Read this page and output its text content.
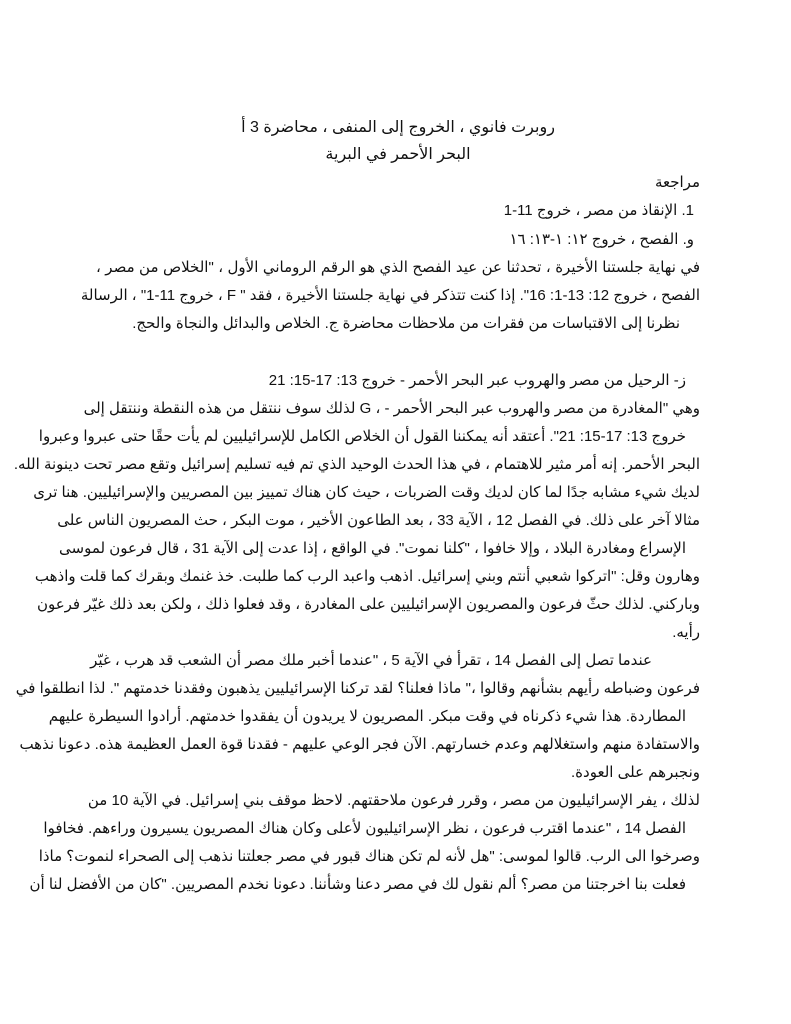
روبرت فانوي ، الخروج إلى المنفى ، محاضرة 3 أ
البحر الأحمر في البرية
مراجعة
1. الإنقاذ من مصر ، خروج 11-1
و. الفصح ، خروج ١٢: ١-١٣: ١٦
في نهاية جلستنا الأخيرة ، تحدثنا عن عيد الفصح الذي هو الرقم الروماني الأول ، "الخلاص من مصر ،
الفصح ، خروج 12: 13-1: 16". إذا كنت تتذكر في نهاية جلستنا الأخيرة ، فقد " F ، خروج 11-1" ، الرسالة
نظرنا إلى الاقتباسات من فقرات من ملاحظات محاضرة ج. الخلاص والبدائل والنجاة والحج.
ز- الرحيل من مصر والهروب عبر البحر الأحمر - خروج 13: 17-15: 21
وهي "المغادرة من مصر والهروب عبر البحر الأحمر - ، G لذلك سوف ننتقل من هذه النقطة وننتقل إلى
خروج 13: 17-15: 21". أعتقد أنه يمكننا القول أن الخلاص الكامل للإسرائيليين لم يأت حقًا حتى عبروا وعبروا
البحر الأحمر. إنه أمر مثير للاهتمام ، في هذا الحدث الوحيد الذي تم فيه تسليم إسرائيل وتقع مصر تحت دينونة الله.
لديك شيء مشابه جدًا لما كان لديك وقت الضربات ، حيث كان هناك تمييز بين المصريين والإسرائيليين. هنا ترى
مثالا آخر على ذلك. في الفصل 12 ، الآية 33 ، بعد الطاعون الأخير ، موت البكر ، حث المصريون الناس على
الإسراع ومغادرة البلاد ، وإلا خافوا ، "كلنا نموت". في الواقع ، إذا عدت إلى الآية 31 ، قال فرعون لموسى
وهارون وقل: "اتركوا شعبي أنتم وبني إسرائيل. اذهب واعبد الرب كما طلبت. خذ غنمك وبقرك كما قلت واذهب
وباركني. لذلك حثّ فرعون والمصريون الإسرائيليين على المغادرة ، وقد فعلوا ذلك ، ولكن بعد ذلك غيّر فرعون
رأيه.
عندما تصل إلى الفصل 14 ، تقرأ في الآية 5 ، "عندما أخبر ملك مصر أن الشعب قد هرب ، غيّر
فرعون وضباطه رأيهم بشأنهم وقالوا ،" ماذا فعلنا؟ لقد تركنا الإسرائيليين يذهبون وفقدنا خدمتهم ". لذا انطلقوا في
المطاردة. هذا شيء ذكرناه في وقت مبكر. المصريون لا يريدون أن يفقدوا خدمتهم. أرادوا السيطرة عليهم
والاستفادة منهم واستغلالهم وعدم خسارتهم. الآن فجر الوعي عليهم - فقدنا قوة العمل العظيمة هذه. دعونا نذهب
ونجبرهم على العودة.
لذلك ، يفر الإسرائيليون من مصر ، وقرر فرعون ملاحقتهم. لاحظ موقف بني إسرائيل. في الآية 10 من
الفصل 14 ، "عندما اقترب فرعون ، نظر الإسرائيليون لأعلى وكان هناك المصريون يسيرون وراءهم. فخافوا
وصرخوا الى الرب. قالوا لموسى: "هل لأنه لم تكن هناك قبور في مصر جعلتنا نذهب إلى الصحراء لنموت؟ ماذا
فعلت بنا اخرجتنا من مصر؟ ألم نقول لك في مصر دعنا وشأننا. دعونا نخدم المصريين. "كان من الأفضل لنا أن
